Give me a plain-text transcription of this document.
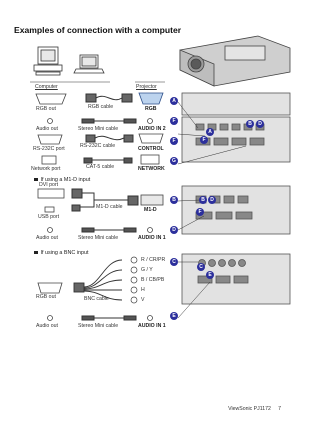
Examples of connection with a computer
Computer	Projector
RGB out	RGB cable	RGB
Audio out	Stereo Mini cable	AUDIO IN 2
RS-232C port	RS-232C cable	CONTROL
Network port	CAT-5 cable	NETWORK
If using a M1-D input
DVI port
USB port
M1-D cable	M1-D
Audio out	Stereo Mini cable	AUDIO IN 1
If using a BNC input
RGB out	BNC cable
R / CR/PR
G / Y
B / CB/PB
H
V
Audio out	Stereo Mini cable	AUDIO IN 1
A
F
F
G
B
D
C
E
B	D
A
F
B	D
F
C
E
ViewSonic PJ1172 7
